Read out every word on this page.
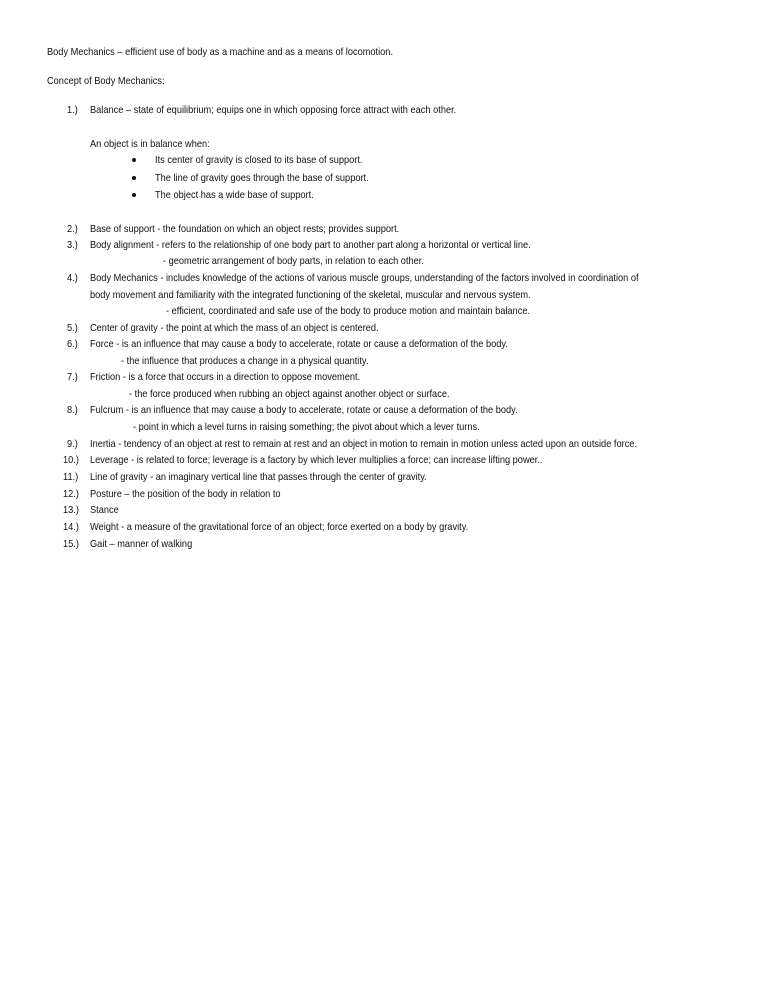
Body Mechanics – efficient use of body as a machine and as a means of locomotion.
Concept of Body Mechanics:
1.) Balance – state of equilibrium; equips one in which opposing force attract with each other.
An object is in balance when:
Its center of gravity is closed to its base of support.
The line of gravity goes through the base of support.
The object has a wide base of support.
2.) Base of support - the foundation on which an object rests; provides support.
3.) Body alignment - refers to the relationship of one body part to another part along a horizontal or vertical line.
- geometric arrangement of body parts, in relation to each other.
4.) Body Mechanics - includes knowledge of the actions of various muscle groups, understanding of the factors involved in coordination of
body movement and familiarity with the integrated functioning of the skeletal, muscular and nervous system.
- efficient, coordinated and safe use of the body to produce motion and maintain balance.
5.) Center of gravity - the point at which the mass of an object is centered.
6.) Force - is an influence that may cause a body to accelerate, rotate or cause a deformation of the body.
- the influence that produces a change in a physical quantity.
7.) Friction - is a force that occurs in a direction to oppose movement.
- the force produced when rubbing an object against another object or surface.
8.) Fulcrum - is an influence that may cause a body to accelerate, rotate or cause a deformation of the body.
- point in which a level turns in raising something; the pivot about which a lever turns.
9.) Inertia - tendency of an object at rest to remain at rest and an object in motion to remain in motion unless acted upon an outside force.
10.) Leverage - is related to force; leverage is a factory by which lever multiplies a force; can increase lifting power..
11.) Line of gravity - an imaginary vertical line that passes through the center of gravity.
12.) Posture – the position of the body in relation to
13.) Stance
14.) Weight - a measure of the gravitational force of an object; force exerted on a body by gravity.
15.) Gait – manner of walking
